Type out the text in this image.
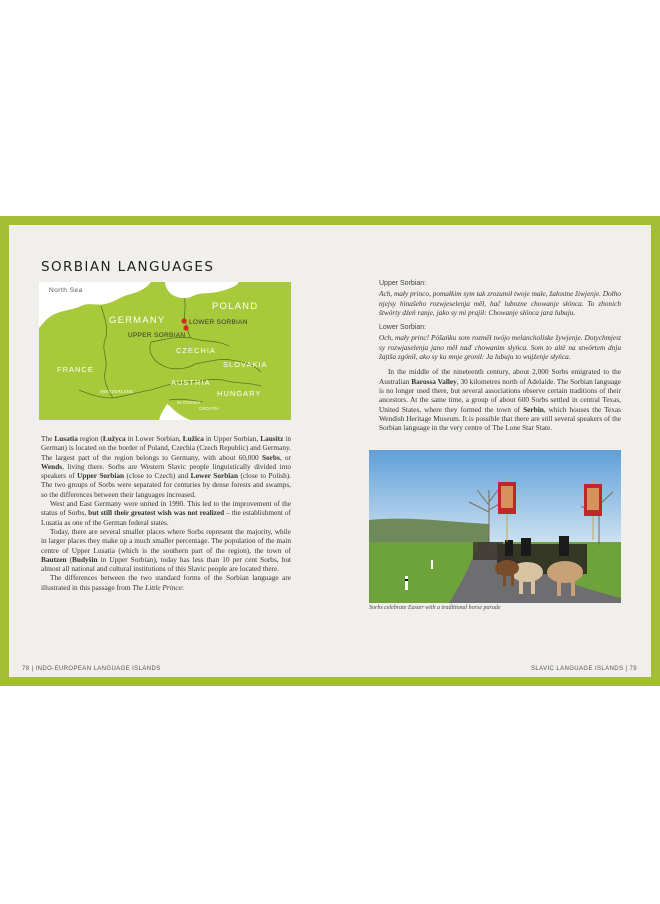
SORBIAN LANGUAGES
North Sea
GERMANY
POLAND
LOWER SORBIAN
UPPER SORBIAN
CZECHIA
SLOVAKIA
FRANCE
AUSTRIA
HUNGARY
SWITZERLAND
SLOVENIA
CROATIA

The Lusatia region (Łužyca in Lower Sorbian, Łužica in Upper Sorbian, Lausitz in German) is located on the border of Poland, Czechia (Czech Republic) and Germany. The largest part of the region belongs to Germany, with about 60,000 Sorbs, or Wends, living there. Sorbs are Western Slavic people linguistically divided into speakers of Upper Sorbian (close to Czech) and Lower Sorbian (close to Polish). The two groups of Sorbs were separated for centuries by dense forests and swamps, so the differences between their languages increased.

West and East Germany were united in 1990. This led to the improvement of the status of Sorbs, but still their greatest wish was not realized – the establishment of Lusatia as one of the German federal states.

Today, there are several smaller places where Sorbs represent the majority, while in larger places they make up a much smaller percentage. The population of the main centre of Upper Lusatia (which is the southern part of the region), the town of Bautzen (Budyšin in Upper Sorbian), today has less than 10 per cent Sorbs, but almost all national and cultural institutions of this Slavic people are located there.

The differences between the two standard forms of the Sorbian language are illustrated in this passage from The Little Prince:

Upper Sorbian:

Ach, mały princo, pomałkim sym tak zrozumił twoje małe, žałostne žiwjenje. Dołho njejsy hinašeho rozwjeselenja měł, hač lubozne chowanje słónca. To zhonich štwórty dźeń ranje, jako sy mi prajił: Chowanje słónca jara lubuju.

Lower Sorbian:

Och, mały princ! Póšańku som rozměł twójo melancholiske žywjenje. Dotychmjest sy rozwjaselenja jano měł naď chowanim słyńca. Som to altě na stwórtem dnju žajtša zgónił, ako sy ku mnje gronił: Ja lubuju to wujźenje słyńca.

In the middle of the nineteenth century, about 2,000 Sorbs emigrated to the Australian Barossa Valley, 30 kilometres north of Adelaide. The Sorbian language is no longer used there, but several associations observe certain traditions of their ancestors. At the same time, a group of about 600 Sorbs settled in central Texas, United States, where they formed the town of Serbin, which houses the Texas Wendish Heritage Museum. It is possible that there are still several speakers of the Sorbian language in the very centre of The Lone Star State.

Sorbs celebrate Easter with a traditional horse parade
78 | INDO-EUROPEAN LANGUAGE ISLANDS	SLAVIC LANGUAGE ISLANDS | 79
